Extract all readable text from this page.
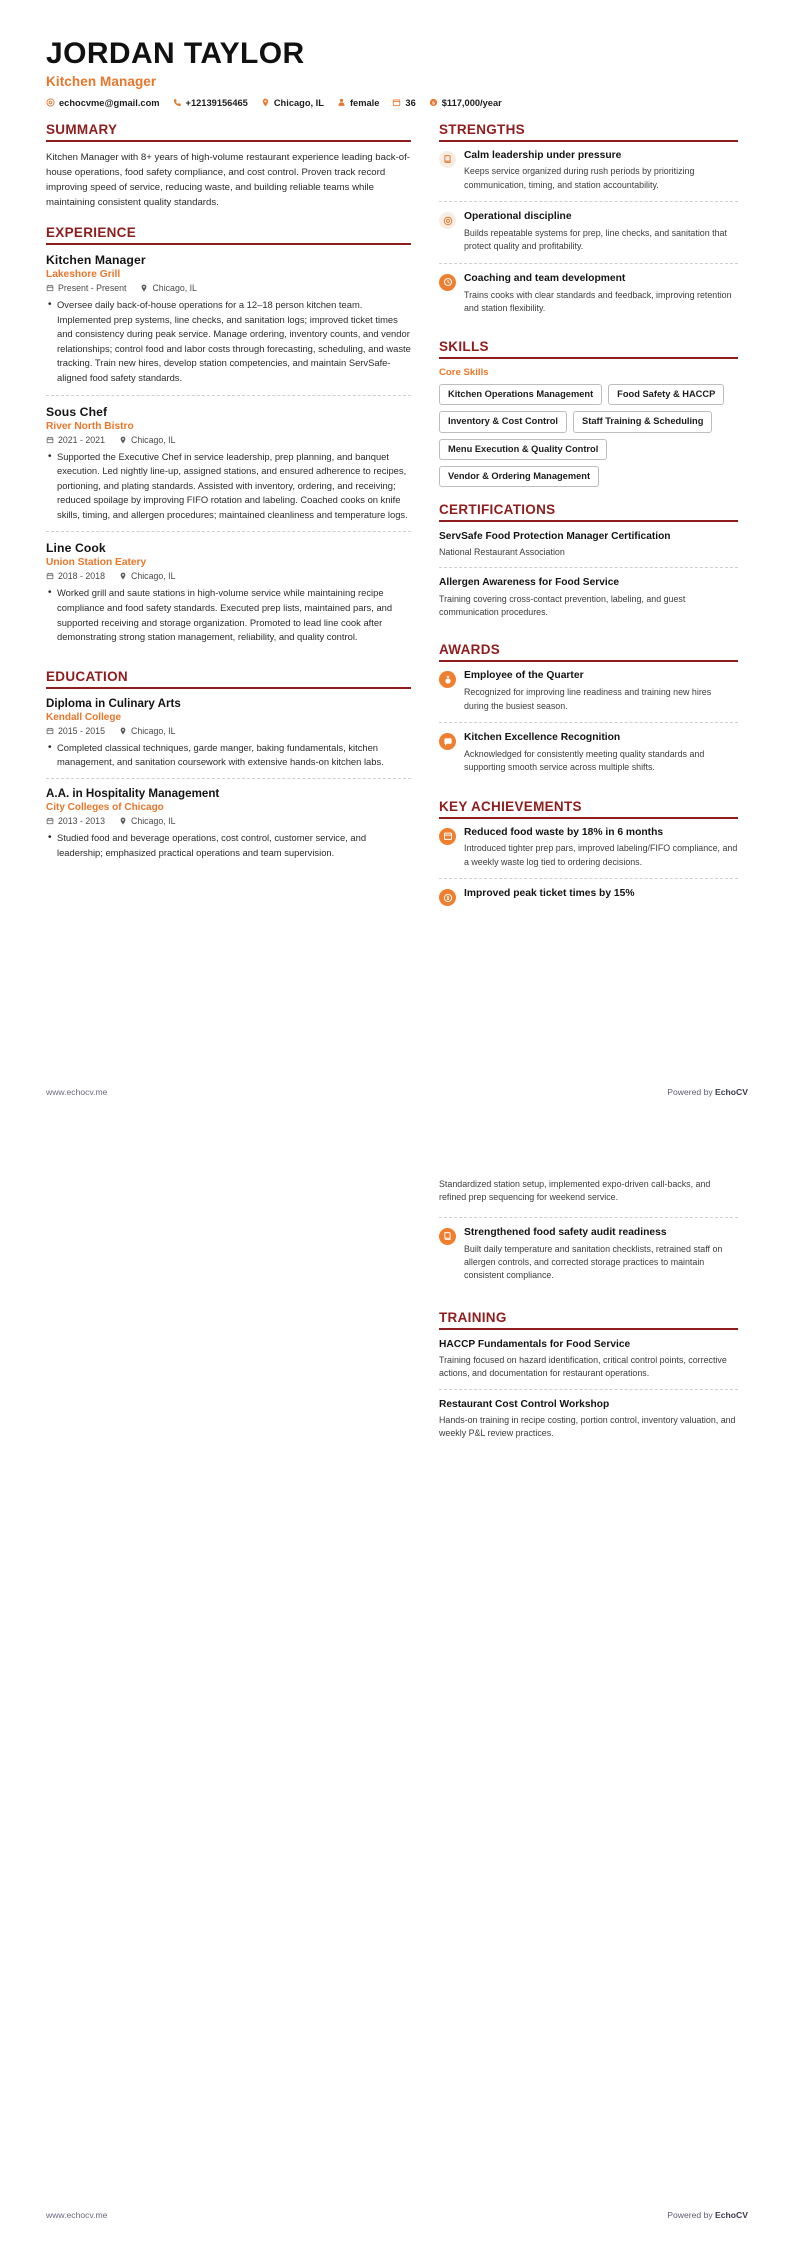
JORDAN TAYLOR
Kitchen Manager
echocvme@gmail.com	+12139156465	Chicago, IL	female	36 $ $117,000/year
SUMMARY
Kitchen Manager with 8+ years of high-volume restaurant experience leading back-of-house operations, food safety compliance, and cost control. Proven track record improving speed of service, reducing waste, and building reliable teams while maintaining consistent quality standards.
EXPERIENCE
Kitchen Manager
Lakeshore Grill
Present - Present	Chicago, IL
• Oversee daily back-of-house operations for a 12–18 person kitchen team. Implemented prep systems, line checks, and sanitation logs; improved ticket times and consistency during peak service. Manage ordering, inventory counts, and vendor relationships; control food and labor costs through forecasting, scheduling, and waste tracking. Train new hires, develop station competencies, and maintain ServSafe-aligned food safety standards.
Sous Chef
River North Bistro
2021 - 2021	Chicago, IL
• Supported the Executive Chef in service leadership, prep planning, and banquet execution. Led nightly line-up, assigned stations, and ensured adherence to recipes, portioning, and plating standards. Assisted with inventory, ordering, and receiving; reduced spoilage by improving FIFO rotation and labeling. Coached cooks on knife skills, timing, and allergen procedures; maintained cleanliness and temperature logs.
Line Cook
Union Station Eatery
2018 - 2018	Chicago, IL
• Worked grill and saute stations in high-volume service while maintaining recipe compliance and food safety standards. Executed prep lists, maintained pars, and supported receiving and storage organization. Promoted to lead line cook after demonstrating strong station management, reliability, and quality control.
EDUCATION
Diploma in Culinary Arts
Kendall College
2015 - 2015	Chicago, IL
• Completed classical techniques, garde manger, baking fundamentals, kitchen management, and sanitation coursework with extensive hands-on kitchen labs.
A.A. in Hospitality Management
City Colleges of Chicago
2013 - 2013	Chicago, IL
• Studied food and beverage operations, cost control, customer service, and leadership; emphasized practical operations and team supervision.
STRENGTHS
Calm leadership under pressure
Keeps service organized during rush periods by prioritizing communication, timing, and station accountability.
Operational discipline
Builds repeatable systems for prep, line checks, and sanitation that protect quality and profitability.
Coaching and team development
Trains cooks with clear standards and feedback, improving retention and station flexibility.
SKILLS
Core Skills
Kitchen Operations Management	Food Safety & HACCP
Inventory & Cost Control	Staff Training & Scheduling
Menu Execution & Quality Control
Vendor & Ordering Management
CERTIFICATIONS
ServSafe Food Protection Manager Certification
National Restaurant Association
Allergen Awareness for Food Service
Training covering cross-contact prevention, labeling, and guest communication procedures.
AWARDS
Employee of the Quarter
Recognized for improving line readiness and training new hires during the busiest season.
Kitchen Excellence Recognition
Acknowledged for consistently meeting quality standards and supporting smooth service across multiple shifts.
KEY ACHIEVEMENTS
Reduced food waste by 18% in 6 months
Introduced tighter prep pars, improved labeling/FIFO compliance, and a weekly waste log tied to ordering decisions.
Improved peak ticket times by 15%
www.echocv.me	Powered by EchoCV
Standardized station setup, implemented expo-driven call-backs, and refined prep sequencing for weekend service.
Strengthened food safety audit readiness
Built daily temperature and sanitation checklists, retrained staff on allergen controls, and corrected storage practices to maintain consistent compliance.
TRAINING
HACCP Fundamentals for Food Service
Training focused on hazard identification, critical control points, corrective actions, and documentation for restaurant operations.
Restaurant Cost Control Workshop
Hands-on training in recipe costing, portion control, inventory valuation, and weekly P&L review practices.
www.echocv.me	Powered by EchoCV
